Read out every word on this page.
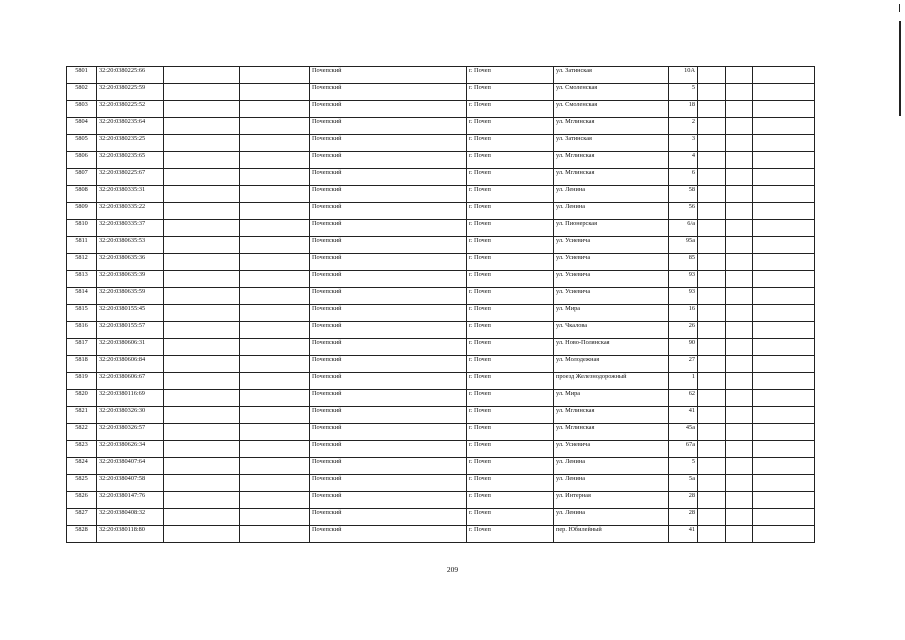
5801	32:20:0380225:66			Почепский	г. Почеп	ул. Затинская	10А			
5802	32:20:0380225:59			Почепский	г. Почеп	ул. Смоленская	5			
5803	32:20:0380225:52			Почепский	г. Почеп	ул. Смоленская	18			
5804	32:20:0380235:64			Почепский	г. Почеп	ул. Мглинская	2			
5805	32:20:0380235:25			Почепский	г. Почеп	ул. Затинская	3			
5806	32:20:0380235:65			Почепский	г. Почеп	ул. Мглинская	4			
5807	32:20:0380225:67			Почепский	г. Почеп	ул. Мглинская	6			
5808	32:20:0380335:31			Почепский	г. Почеп	ул. Ленина	58			
5809	32:20:0380335:22			Почепский	г. Почеп	ул. Ленина	56			
5810	32:20:0380335:37			Почепский	г. Почеп	ул. Пионерская	6/а			
5811	32:20:0380635:53			Почепский	г. Почеп	ул. Усиевича	95а			
5812	32:20:0380635:36			Почепский	г. Почеп	ул. Усиевича	85			
5813	32:20:0380635:39			Почепский	г. Почеп	ул. Усиевича	93			
5814	32:20:0380635:59			Почепский	г. Почеп	ул. Усиевича	93			
5815	32:20:0380155:45			Почепский	г. Почеп	ул. Мира	16			
5816	32:20:0380155:57			Почепский	г. Почеп	ул. Чкалова	26			
5817	32:20:0380606:31			Почепский	г. Почеп	ул. Ново-Полянская	90			
5818	32:20:0380606:84			Почепский	г. Почеп	ул. Молодежная	27			
5819	32:20:0380606:67			Почепский	г. Почеп	проезд Железнодорожный	1			
5820	32:20:0380116:69			Почепский	г. Почеп	ул. Мира	62			
5821	32:20:0380326:30			Почепский	г. Почеп	ул. Мглинская	41			
5822	32:20:0380326:57			Почепский	г. Почеп	ул. Мглинская	45а			
5823	32:20:0380626:34			Почепский	г. Почеп	ул. Усиевича	67а			
5824	32:20:0380407:64			Почепский	г. Почеп	ул. Ленина	5			
5825	32:20:0380407:58			Почепский	г. Почеп	ул. Ленина	5а			
5826	32:20:0380147:76			Почепский	г. Почеп	ул. Интерная	28			
5827	32:20:0380408:32			Почепский	г. Почеп	ул. Ленина	28			
5828	32:20:0380118:80			Почепский	г. Почеп	пер. Юбилейный	41			
209
